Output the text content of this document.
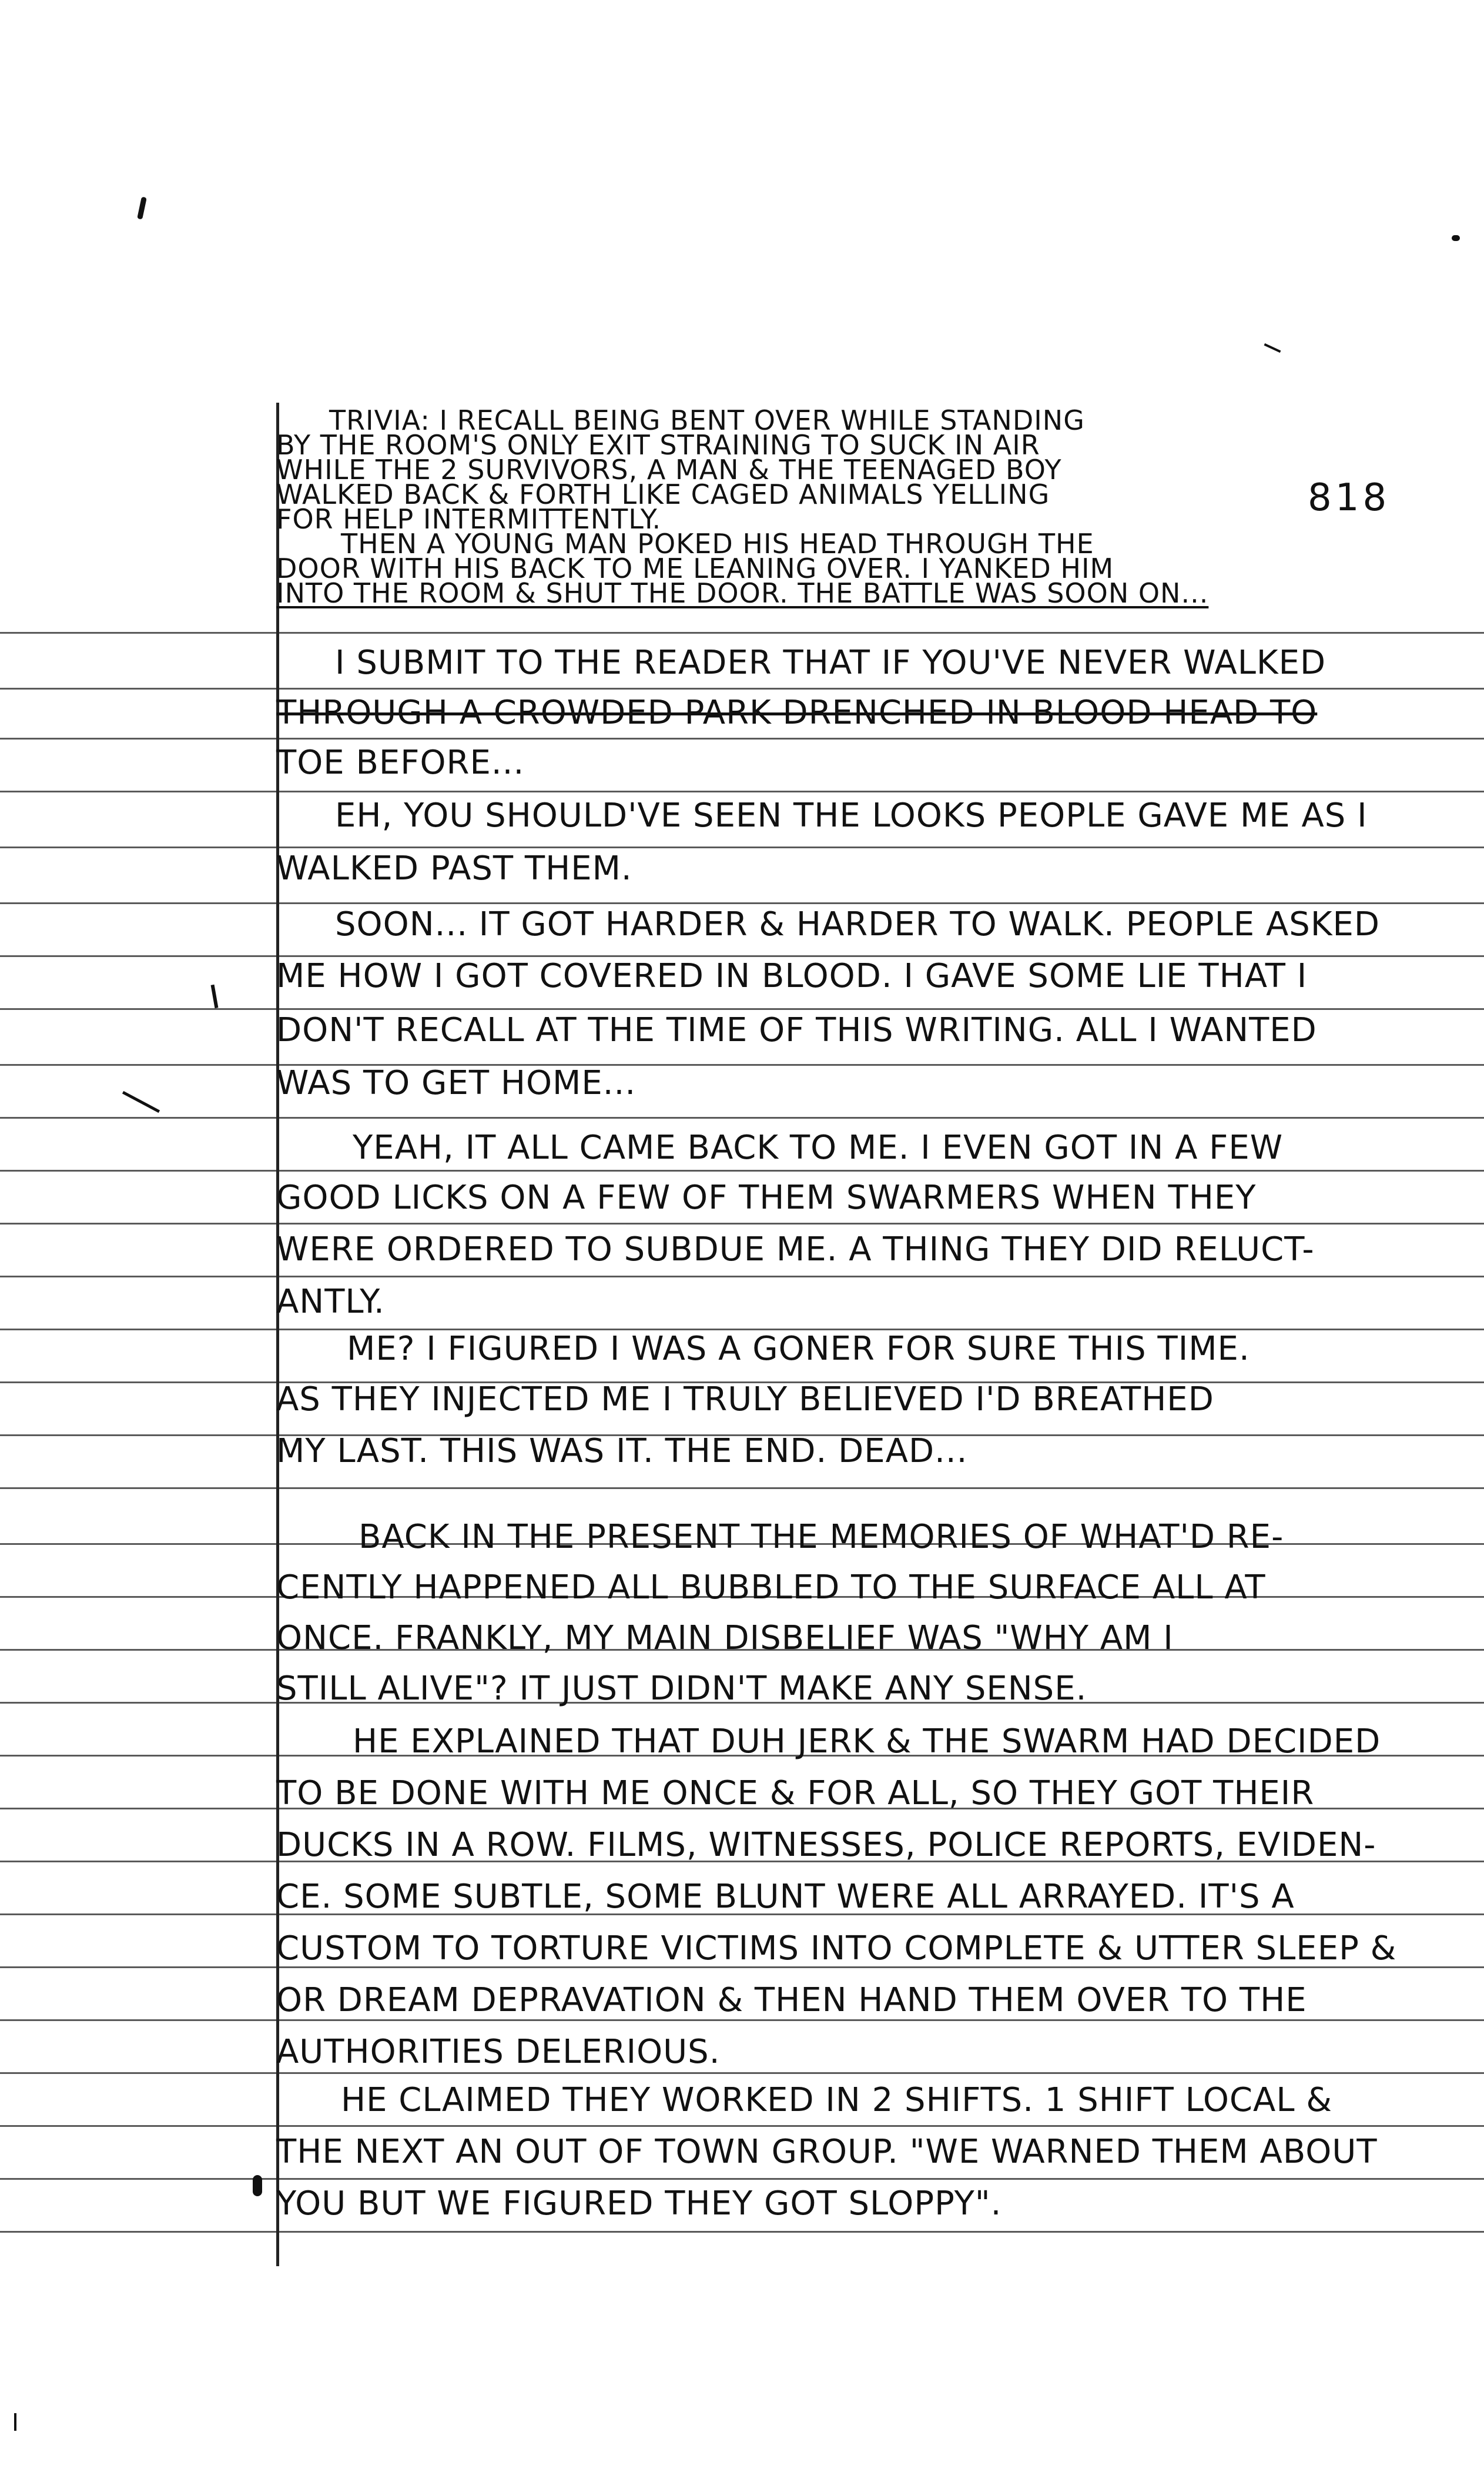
818
TRIVIA: I RECALL BEING BENT OVER WHILE STANDING
BY THE ROOM'S ONLY EXIT STRAINING TO SUCK IN AIR
WHILE THE 2 SURVIVORS, A MAN & THE TEENAGED BOY
WALKED BACK & FORTH LIKE CAGED ANIMALS YELLING
FOR HELP INTERMITTENTLY.
THEN A YOUNG MAN POKED HIS HEAD THROUGH THE
DOOR WITH HIS BACK TO ME LEANING OVER. I YANKED HIM
INTO THE ROOM & SHUT THE DOOR. THE BATTLE WAS SOON ON...
I SUBMIT TO THE READER THAT IF YOU'VE NEVER WALKED
THROUGH A CROWDED PARK DRENCHED IN BLOOD HEAD TO
TOE BEFORE...
EH, YOU SHOULD'VE SEEN THE LOOKS PEOPLE GAVE ME AS I
WALKED PAST THEM.
SOON... IT GOT HARDER & HARDER TO WALK. PEOPLE ASKED
ME HOW I GOT COVERED IN BLOOD. I GAVE SOME LIE THAT I
DON'T RECALL AT THE TIME OF THIS WRITING. ALL I WANTED
WAS TO GET HOME...
YEAH, IT ALL CAME BACK TO ME. I EVEN GOT IN A FEW
GOOD LICKS ON A FEW OF THEM SWARMERS WHEN THEY
WERE ORDERED TO SUBDUE ME. A THING THEY DID RELUCT-
ANTLY.
ME? I FIGURED I WAS A GONER FOR SURE THIS TIME.
AS THEY INJECTED ME I TRULY BELIEVED I'D BREATHED
MY LAST. THIS WAS IT. THE END. DEAD...
BACK IN THE PRESENT THE MEMORIES OF WHAT'D RE-
CENTLY HAPPENED ALL BUBBLED TO THE SURFACE ALL AT
ONCE. FRANKLY, MY MAIN DISBELIEF WAS "WHY AM I
STILL ALIVE"? IT JUST DIDN'T MAKE ANY SENSE.
HE EXPLAINED THAT DUH JERK & THE SWARM HAD DECIDED
TO BE DONE WITH ME ONCE & FOR ALL, SO THEY GOT THEIR
DUCKS IN A ROW. FILMS, WITNESSES, POLICE REPORTS, EVIDEN-
CE. SOME SUBTLE, SOME BLUNT WERE ALL ARRAYED. IT'S A
CUSTOM TO TORTURE VICTIMS INTO COMPLETE & UTTER SLEEP &
OR DREAM DEPRAVATION & THEN HAND THEM OVER TO THE
AUTHORITIES DELERIOUS.
HE CLAIMED THEY WORKED IN 2 SHIFTS. 1 SHIFT LOCAL &
THE NEXT AN OUT OF TOWN GROUP. "WE WARNED THEM ABOUT
YOU BUT WE FIGURED THEY GOT SLOPPY".
